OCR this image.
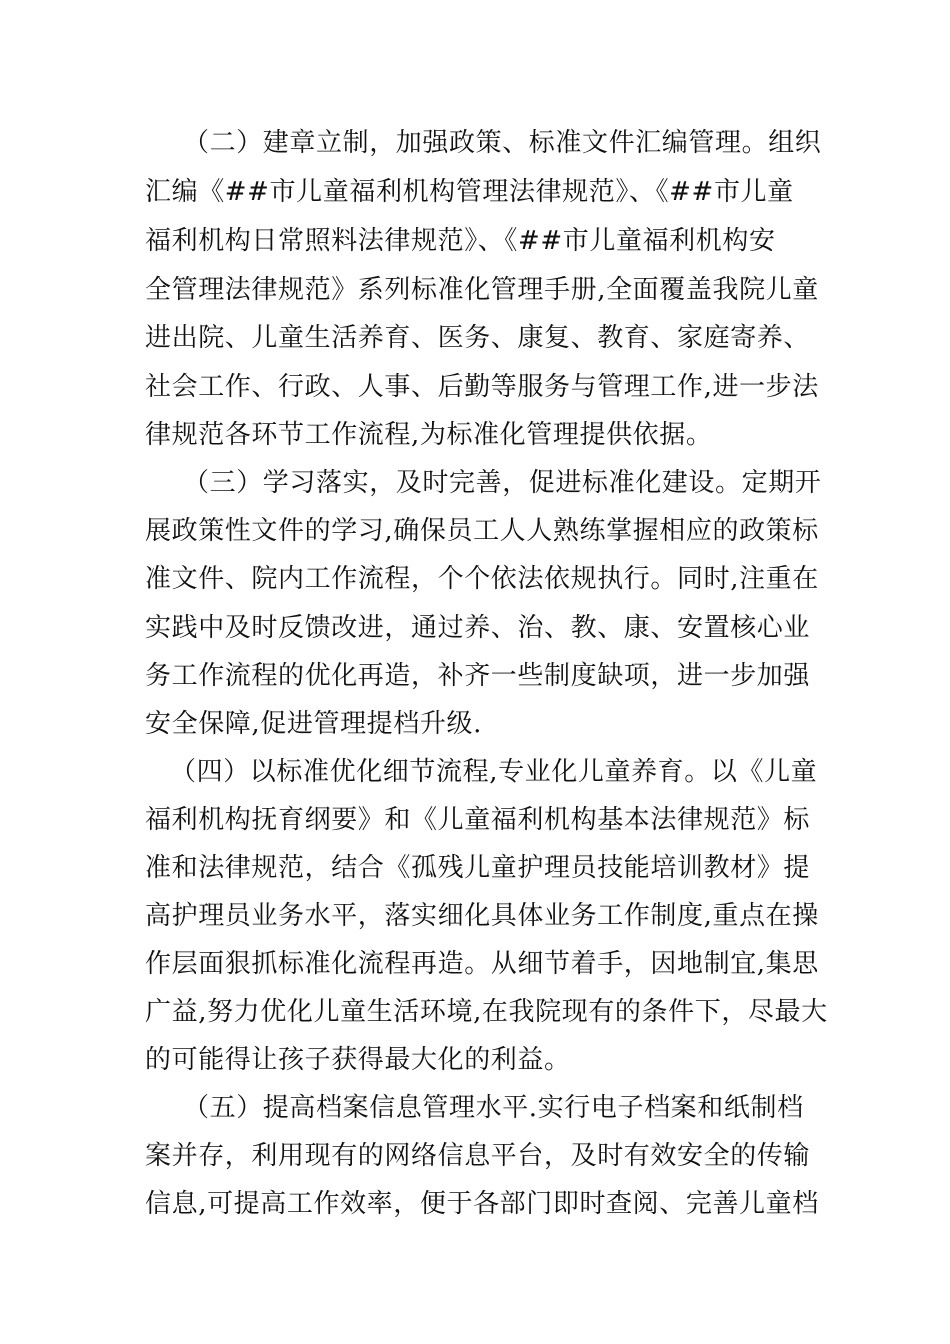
（二）建章立制，加强政策、标准文件汇编管理。组织
汇编《##市儿童福利机构管理法律规范》、《##市儿童
福利机构日常照料法律规范》、《##市儿童福利机构安
全管理法律规范》系列标准化管理手册,全面覆盖我院儿童
进出院、儿童生活养育、医务、康复、教育、家庭寄养、
社会工作、行政、人事、后勤等服务与管理工作,进一步法
律规范各环节工作流程,为标准化管理提供依据。
（三）学习落实，及时完善，促进标准化建设。定期开
展政策性文件的学习,确保员工人人熟练掌握相应的政策标
准文件、院内工作流程，个个依法依规执行。同时,注重在
实践中及时反馈改进，通过养、治、教、康、安置核心业
务工作流程的优化再造，补齐一些制度缺项，进一步加强
安全保障,促进管理提档升级.
（四）以标准优化细节流程,专业化儿童养育。以《儿童
福利机构抚育纲要》和《儿童福利机构基本法律规范》标
准和法律规范，结合《孤残儿童护理员技能培训教材》提
高护理员业务水平，落实细化具体业务工作制度,重点在操
作层面狠抓标准化流程再造。从细节着手，因地制宜,集思
广益,努力优化儿童生活环境,在我院现有的条件下，尽最大
的可能得让孩子获得最大化的利益。
（五）提高档案信息管理水平.实行电子档案和纸制档
案并存，利用现有的网络信息平台，及时有效安全的传输
信息,可提高工作效率，便于各部门即时查阅、完善儿童档
